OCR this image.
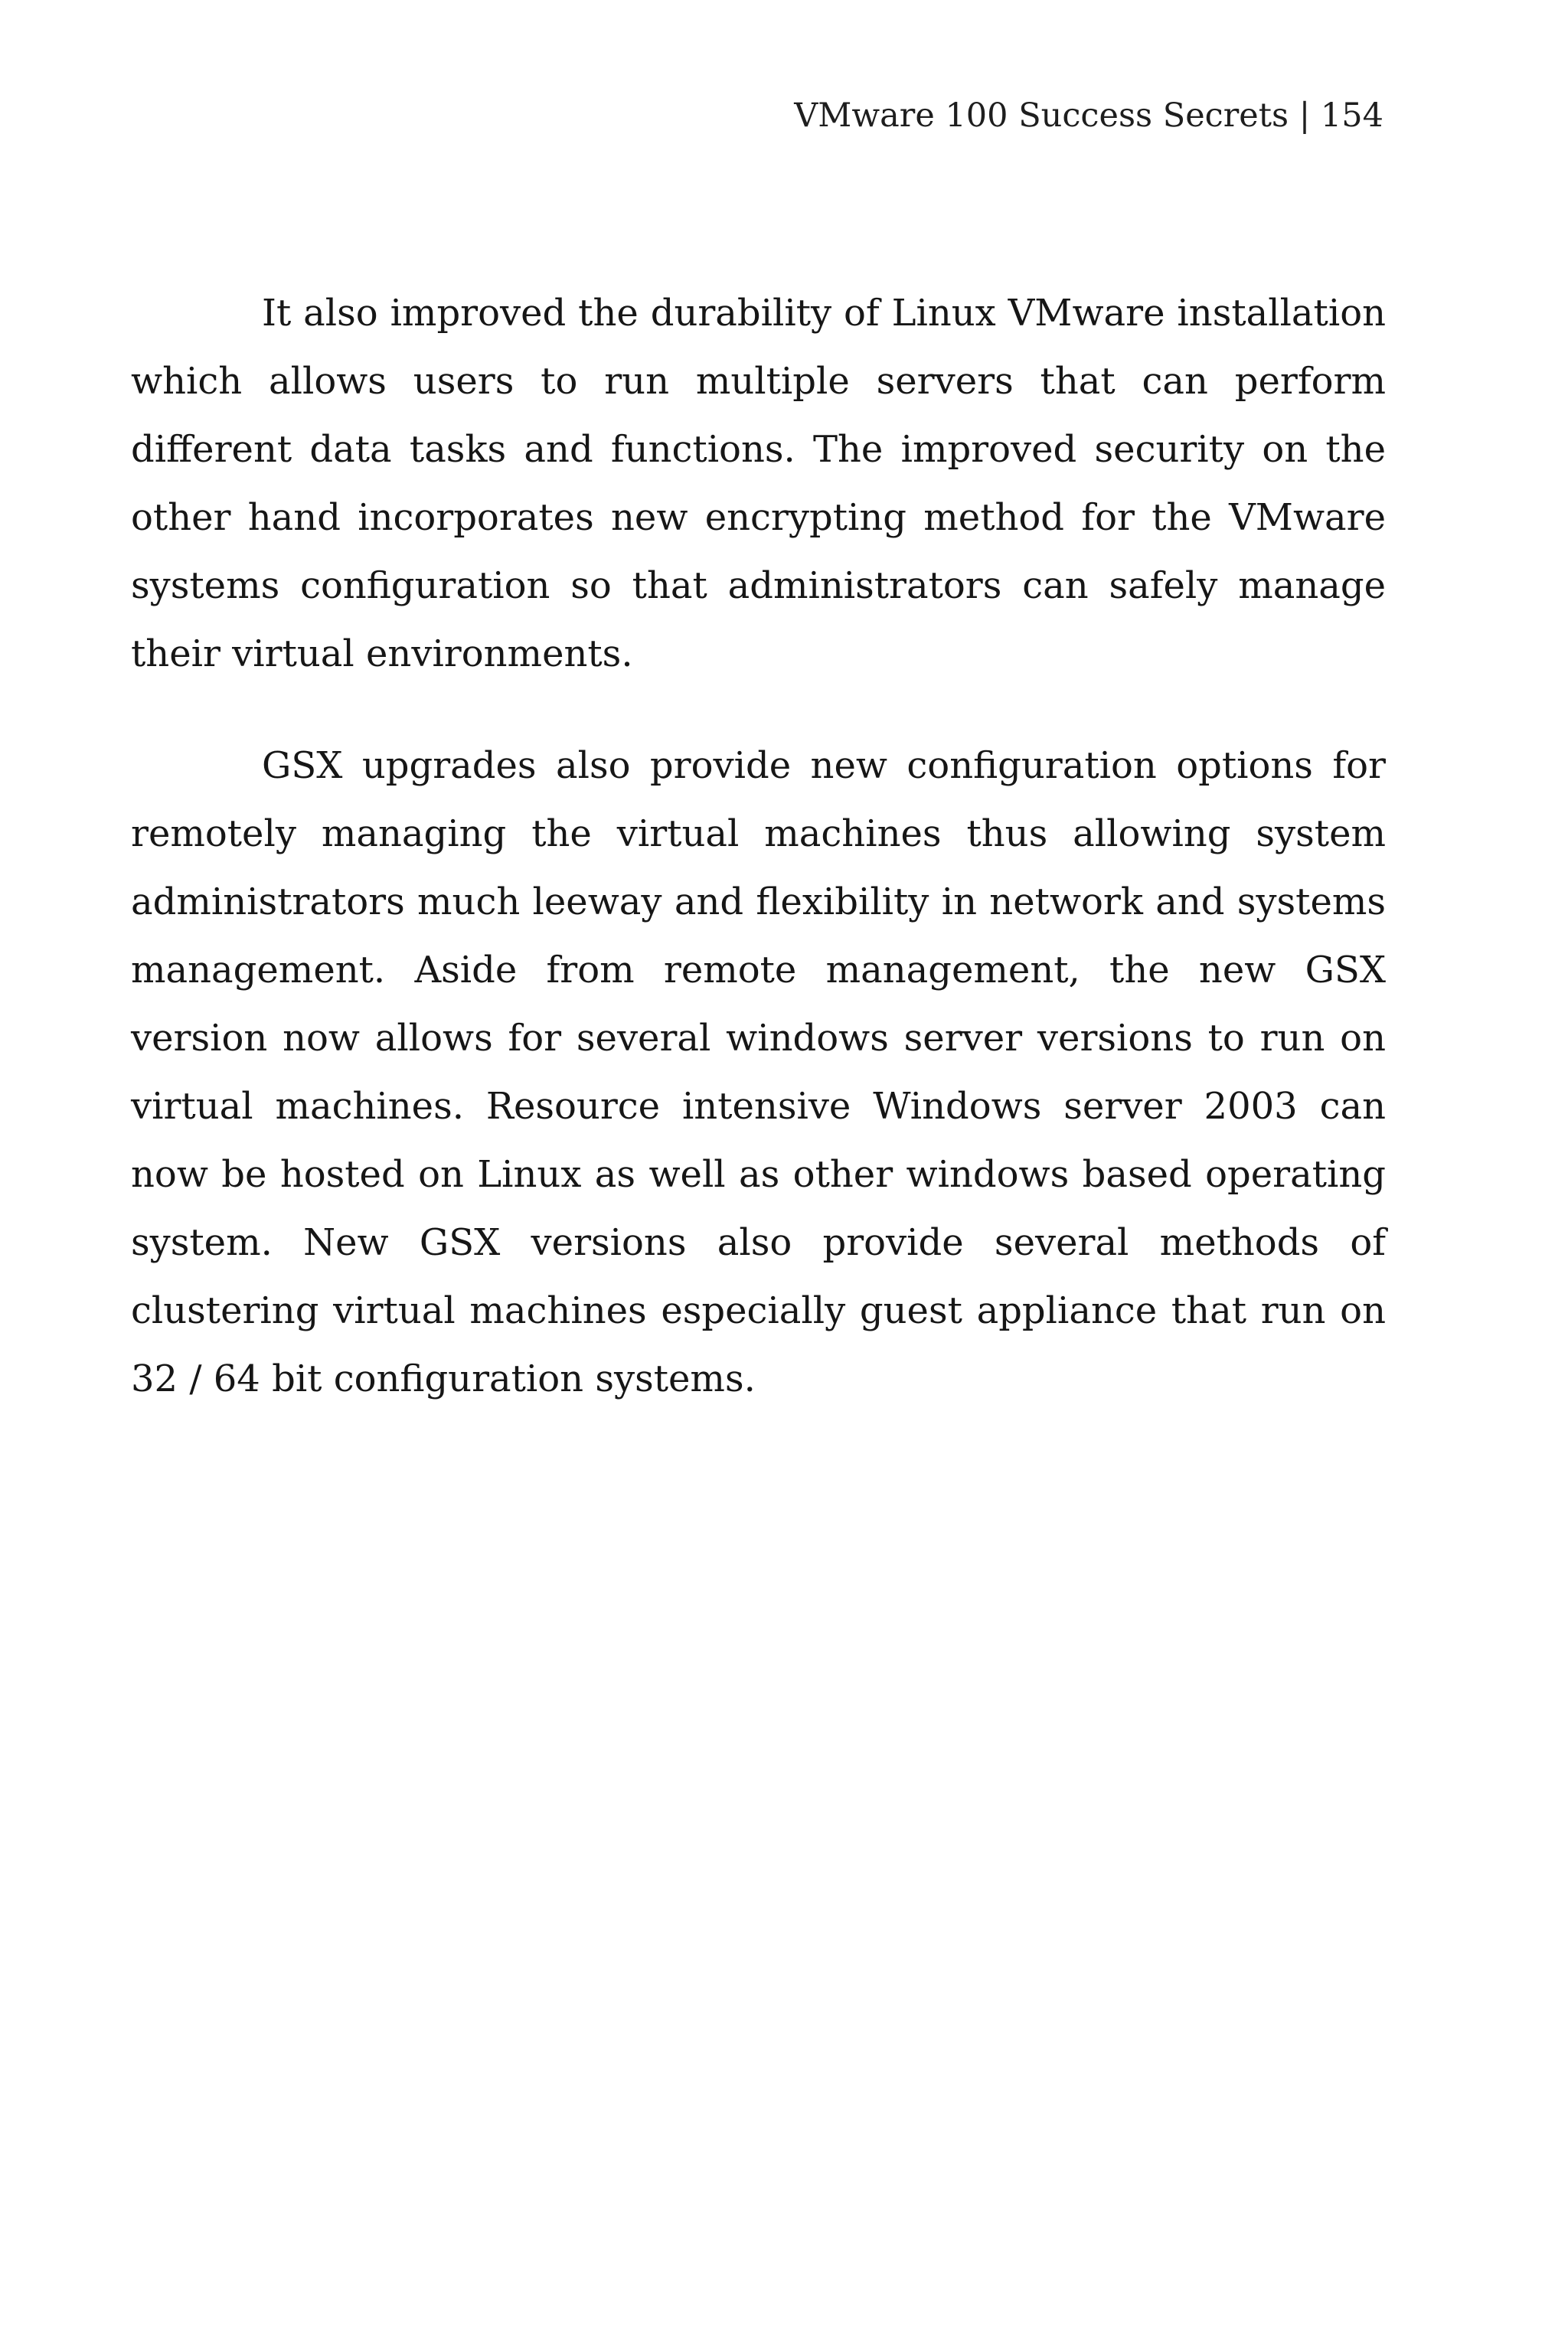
VMware 100 Success Secrets | 154

It also improved the durability of Linux VMware installation which allows users to run multiple servers that can perform different data tasks and functions. The improved security on the other hand incorporates new encrypting method for the VMware systems configuration so that administrators can safely manage their virtual environments.

GSX upgrades also provide new configuration options for remotely managing the virtual machines thus allowing system administrators much leeway and flexibility in network and systems management. Aside from remote management, the new GSX version now allows for several windows server versions to run on virtual machines. Resource intensive Windows server 2003 can now be hosted on Linux as well as other windows based operating system. New GSX versions also provide several methods of clustering virtual machines especially guest appliance that run on 32 / 64 bit configuration systems.
